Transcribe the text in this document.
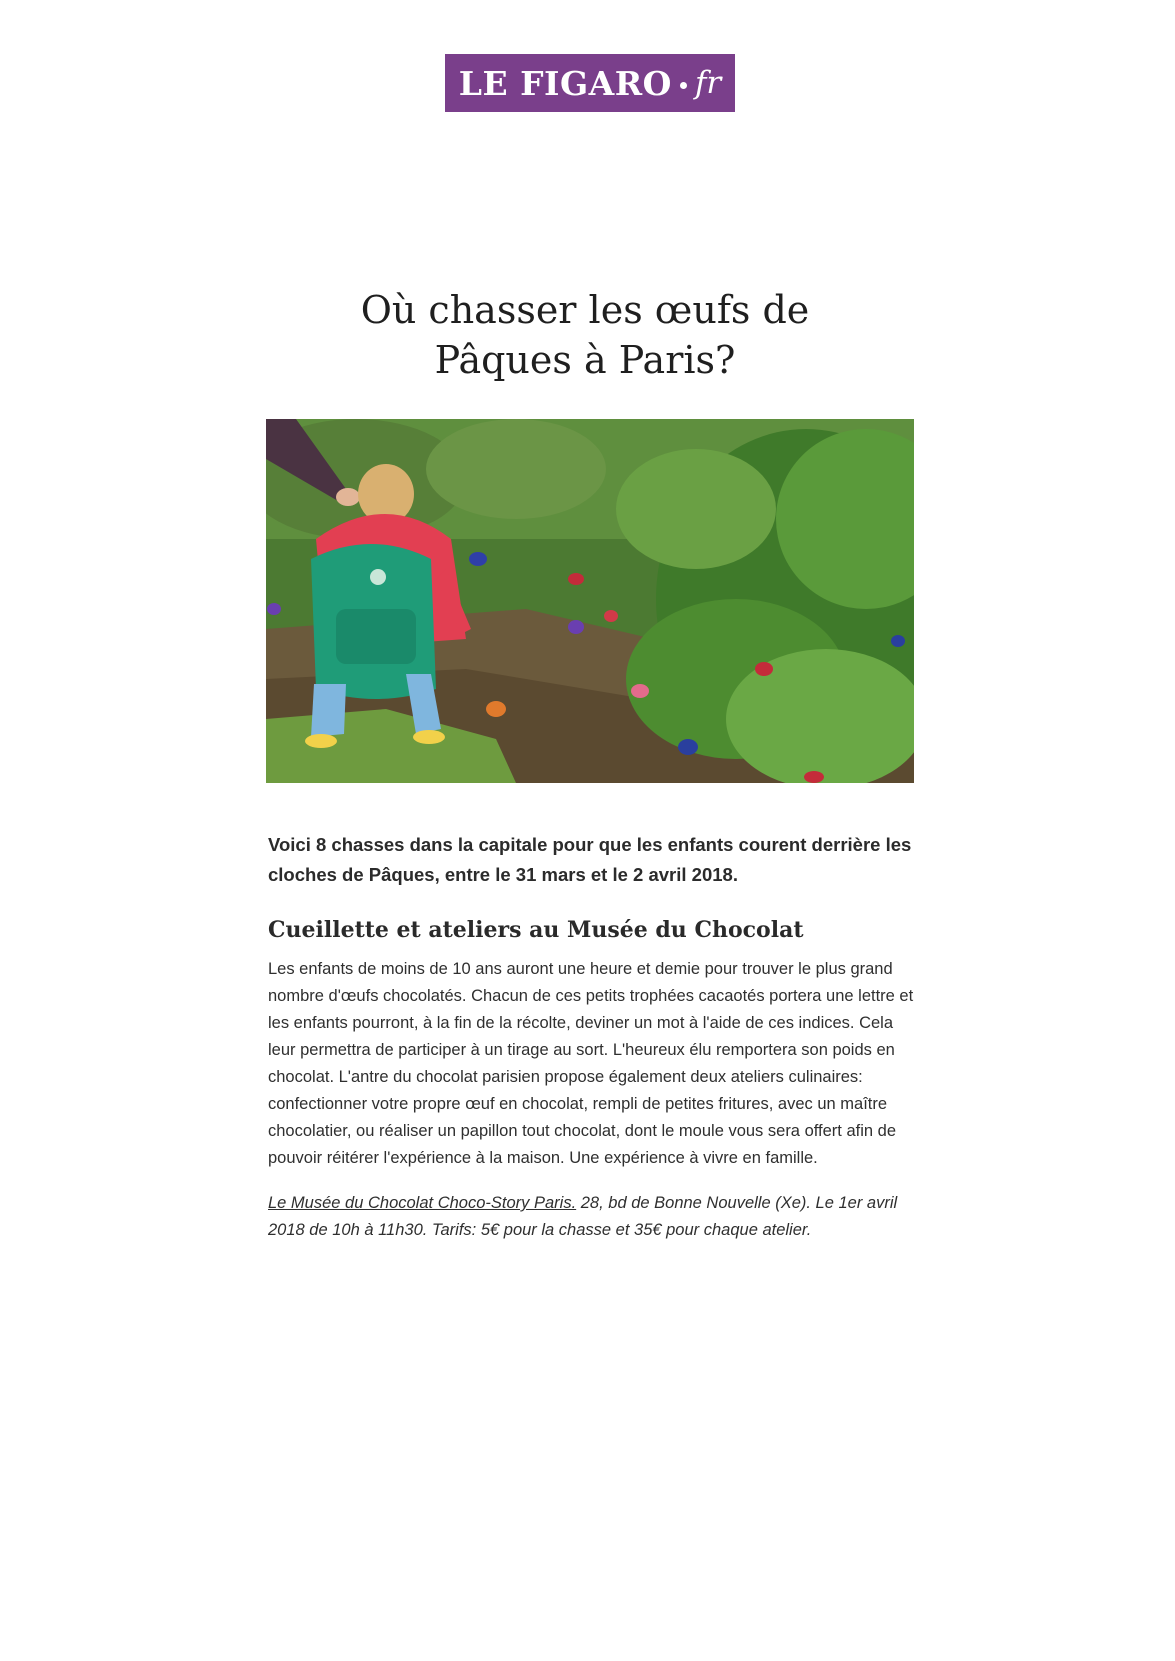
LE FIGARO fr
Où chasser les œufs de Pâques à Paris?

Voici 8 chasses dans la capitale pour que les enfants courent derrière les cloches de Pâques, entre le 31 mars et le 2 avril 2018.

Cueillette et ateliers au Musée du Chocolat

Les enfants de moins de 10 ans auront une heure et demie pour trouver le plus grand nombre d'œufs chocolatés. Chacun de ces petits trophées cacaotés portera une lettre et les enfants pourront, à la fin de la récolte, deviner un mot à l'aide de ces indices. Cela leur permettra de participer à un tirage au sort. L'heureux élu remportera son poids en chocolat. L'antre du chocolat parisien propose également deux ateliers culinaires: confectionner votre propre œuf en chocolat, rempli de petites fritures, avec un maître chocolatier, ou réaliser un papillon tout chocolat, dont le moule vous sera offert afin de pouvoir réitérer l'expérience à la maison. Une expérience à vivre en famille.

Le Musée du Chocolat Choco-Story Paris. 28, bd de Bonne Nouvelle (Xe). Le 1er avril 2018 de 10h à 11h30. Tarifs: 5€ pour la chasse et 35€ pour chaque atelier.
